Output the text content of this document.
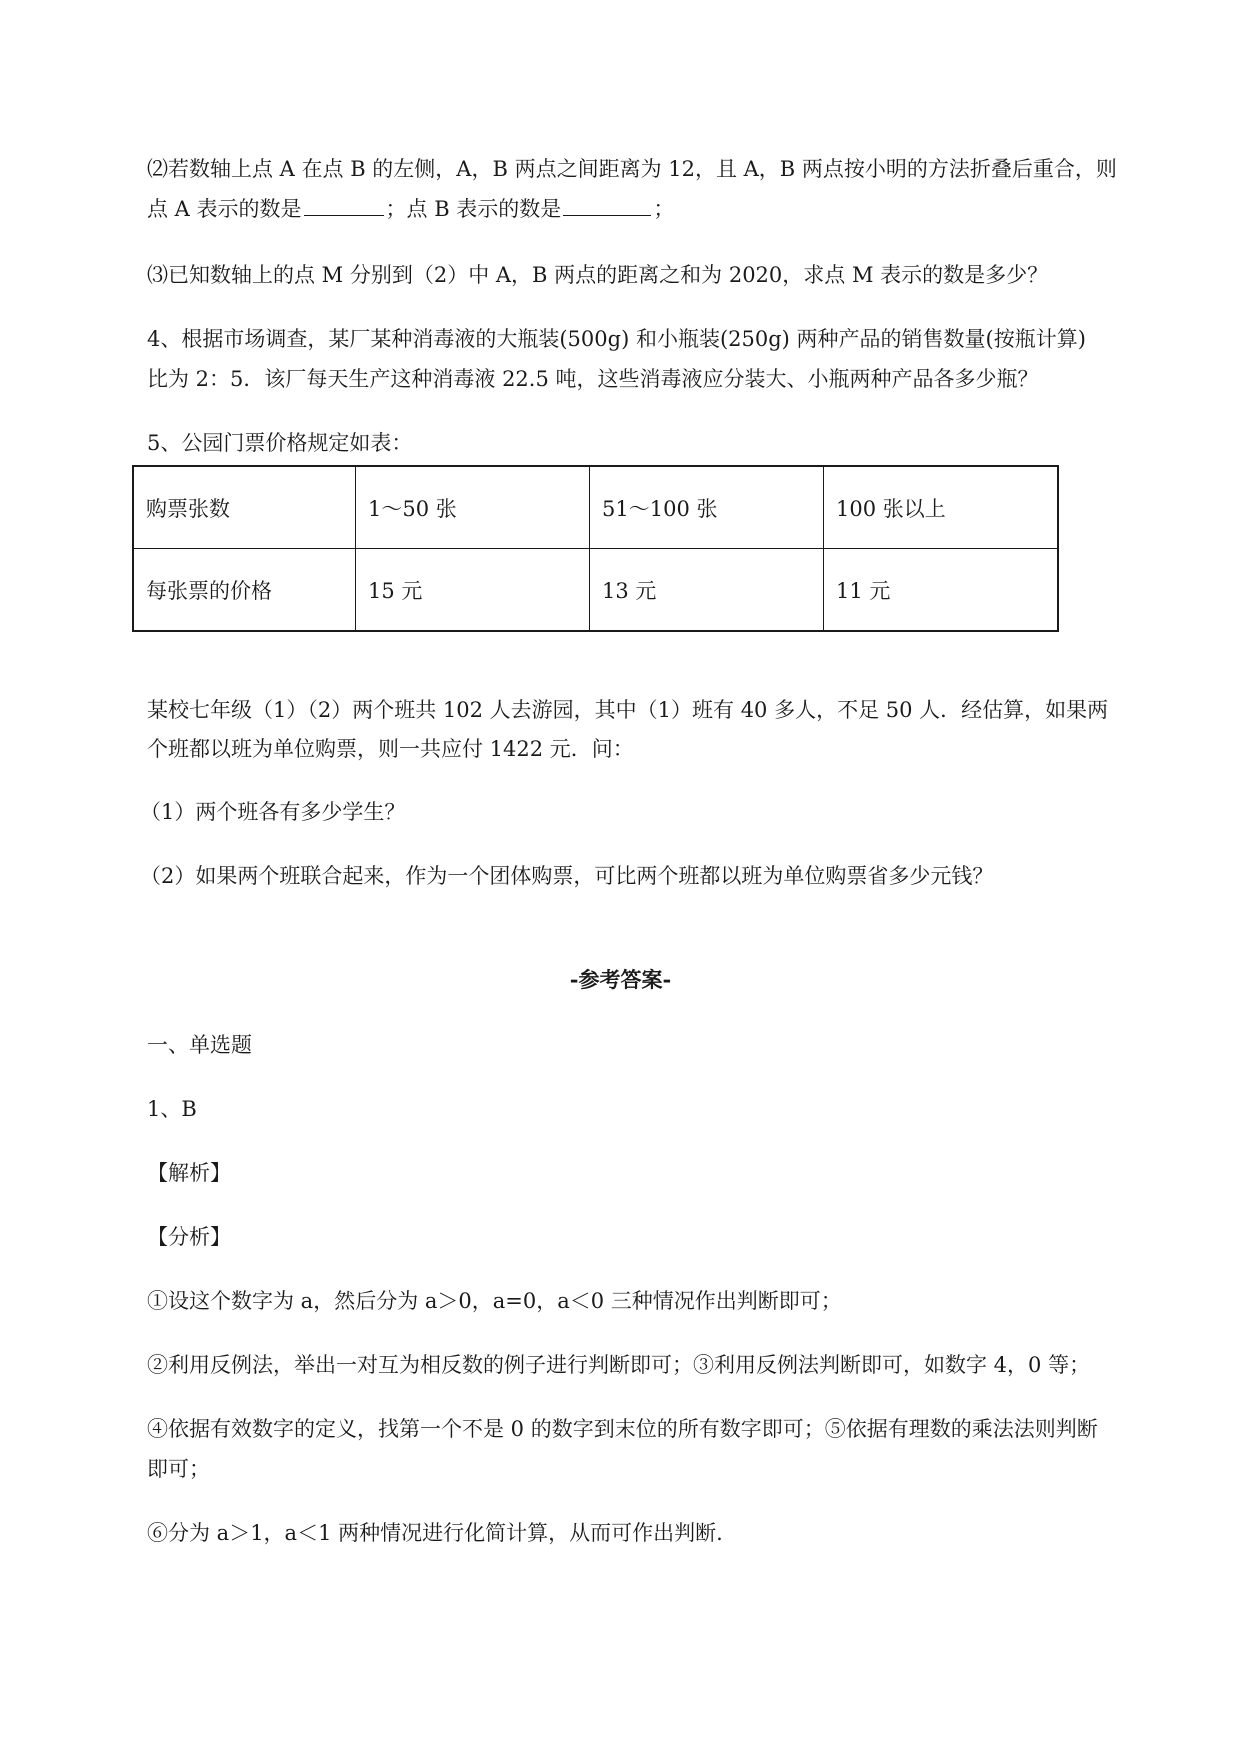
⑵若数轴上点 A 在点 B 的左侧，A，B 两点之间距离为 12，且 A，B 两点按小明的方法折叠后重合，则
点 A 表示的数是	；点 B 表示的数是	；
⑶已知数轴上的点 M 分别到（2）中 A，B 两点的距离之和为 2020，求点 M 表示的数是多少？
4、根据市场调查，某厂某种消毒液的大瓶装(500g) 和小瓶装(250g) 两种产品的销售数量(按瓶计算)
比为 2：5．该厂每天生产这种消毒液 22.5 吨，这些消毒液应分装大、小瓶两种产品各多少瓶？
5、公园门票价格规定如表：
购票张数	1～50 张	51～100 张	100 张以上
每张票的价格	15 元	13 元	11 元
某校七年级（1）（2）两个班共 102 人去游园，其中（1）班有 40 多人，不足 50 人．经估算，如果两
个班都以班为单位购票，则一共应付 1422 元．问：
（1）两个班各有多少学生？
（2）如果两个班联合起来，作为一个团体购票，可比两个班都以班为单位购票省多少元钱？
-参考答案-
一、单选题
1、B
【解析】
【分析】
①设这个数字为 a，然后分为 a＞0，a=0，a＜0 三种情况作出判断即可；
②利用反例法，举出一对互为相反数的例子进行判断即可；③利用反例法判断即可，如数字 4，0 等；
④依据有效数字的定义，找第一个不是 0 的数字到末位的所有数字即可；⑤依据有理数的乘法法则判断
即可；
⑥分为 a＞1，a＜1 两种情况进行化简计算，从而可作出判断.
